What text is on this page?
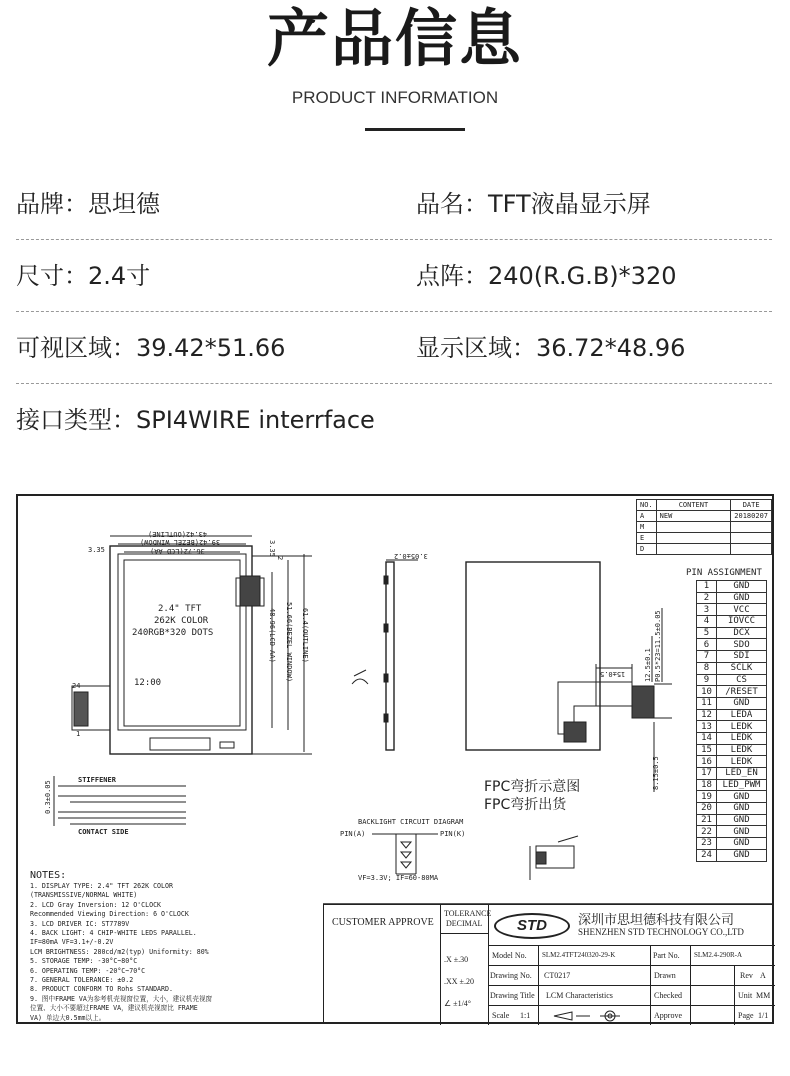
产品信息
PRODUCT INFORMATION
品牌：思坦德	品名：TFT液晶显示屏
尺寸：2.4寸	点阵：240(R.G.B)*320
可视区域：39.42*51.66	显示区域：36.72*48.96
接口类型：SPI4WIRE interrface
NO.	CONTENT	DATE
A	NEW	20180207
M		
E		
D		
43.42(OUTLINE)
39.42(BEZEL WINDOW)
36.72(LCD AA)
3.35	3.35
2
48.96(LCD AA) 51.66(BEZEL WINDOW) 61.4(OUTLINE)
2.4" TFT
262K COLOR
240RGB*320 DOTS
12:00
24
1
3.05±0.2
15±0.5	P0.5*23=11.5±0.05
12.5±0.1
8.15±0.5
FPC弯折示意图
FPC弯折出货
STIFFENER
CONTACT SIDE
0.3±0.05
BACKLIGHT CIRCUIT DIAGRAM
PIN(A)	PIN(K)
VF=3.3V; IF=60-80MA
PIN ASSIGNMENT
1	GND
2	GND
3	VCC
4	IOVCC
5	DCX
6	SDO
7	SDI
8	SCLK
9	CS
10	/RESET
11	GND
12	LEDA
13	LEDK
14	LEDK
15	LEDK
16	LEDK
17	LED_EN
18	LED_PWM
19	GND
20	GND
21	GND
22	GND
23	GND
24	GND
NOTES:
1. DISPLAY TYPE: 2.4" TFT 262K COLOR
(TRANSMISSIVE/NORMAL WHITE)
2. LCD Gray Inversion: 12 O'CLOCK
Recommended Viewing Direction: 6 O'CLOCK
3. LCD DRIVER IC: ST7789V
4. BACK LIGHT: 4 CHIP-WHITE LEDS PARALLEL.
IF=80mA VF=3.1+/-0.2V
LCM BRIGHTNESS: 280cd/m2(typ) Uniformity: 80%
5. STORAGE TEMP: -30°C~80°C
6. OPERATING TEMP: -20°C~70°C
7. GENERAL TOLERANCE: ±0.2
8. PRODUCT CONFORM TO Rohs STANDARD.
9. 图中FRAME VA为参考机壳视窗位置，大小，建议机壳视窗
位置、大小不要超过FRAME VA，建议机壳视窗比 FRAME
VA) 单边大0.5mm以上。
CUSTOMER APPROVE
TOLERANCE
DECIMAL
.X ±.30
.XX ±.20
∠ ±1/4°
STD	深圳市思坦德科技有限公司
SHENZHEN STD TECHNOLOGY CO.,LTD
Model No. SLM2.4TFT240320-29-K	Part No. SLM2.4-290R-A
Drawing No. CT0217	Drawn	Rev A
Drawing Title LCM Characteristics	Checked	Unit MM
Scale 1:1	Approve	Page 1/1
